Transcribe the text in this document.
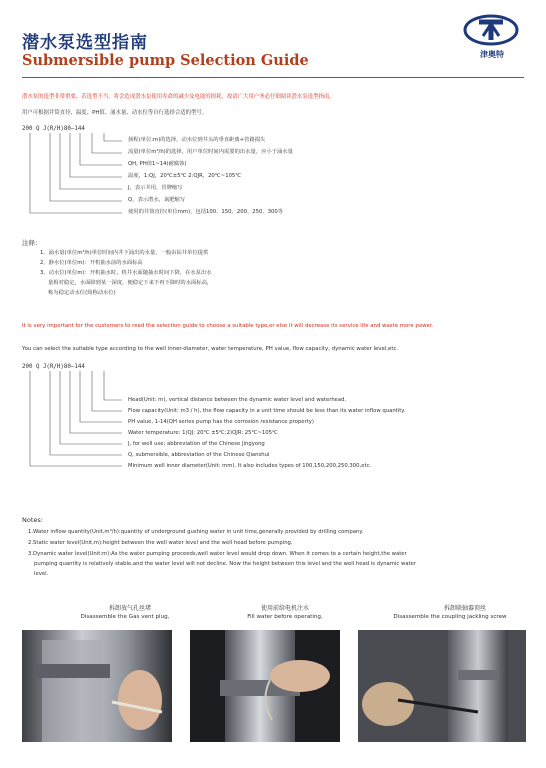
潜水泵选型指南
Submersible pump Selection Guide	津奥特
潜水泵的选型非常重要，若选型不当，将会造成潜水泵使用寿命的减少及电能的损耗，故请广大用户务必仔细阅读潜水泵选型指南。
用户可根据井筒直径、温度、PH值、涌水量、动水位等自行选择合适的型号。
200 Q J(R/H)80—144
扬程(单位:m)的选择，动水位到井头的垂直距离+管路损失
流量(单位m³/h)的选择，用户单位时间内需要的出水量，应小于涌水量
QH, PH值1~14(耐腐蚀)
温度，1:QJ，20℃±5℃ 2:QJR，20℃~105℃
J，表示井用，冒牌缩写
Q，表示潜水，氮肥缩写
使用的井筒直径(单位mm)，包括100、150、200、250、300等
注释：
1、涌水量(单位m³/h)单位时间内井下涌出的水量，一般由钻井单位提供
2、静水位(单位m)：开机抽水前的水面标高
3、动水位(单位m)：开机抽水时，机井水面随抽水时间下降，在水泵出水
量相对稳定，水面降到某一深度，便稳定下来不再下降时的水面标高，
称为稳定动水位(简称动水位)
It is very important for the customers to read the selection guide to choose a suitable type,or else it will decrease its service life and waste more power.
You can select the suitable type according to the well inner-diameter, water temperature, PH value, flow capacity, dynamic water level,etc.
200 Q J(R/H)80—144
Head(Unit: m), vertical distance between the dynamic water level and waterhead.
Flow capacity(Unit: m3 / h), the flow capacity in a unit time should be less than its water inflow quantity.
PH value, 1-14(QH series pump has the corrosion resistance property)
Water temperature: 1)QJ: 20℃ ±5℃;2)QJR: 25℃~105℃
J, for well use; abbreviation of the Chinese Jingyong
Q, submersible, abbreviation of the Chinese Qianshui
Minimum well inner diameter(Unit: mm). It also includes types of 100,150,200,250,300,etc.
Notes:
1.Water inflow quantity(Unit,m³/h):quantity of underground gushing water in unit time,generally provided by drilling company.
2.Static water level(Unit,m):height between the well water level and the well head before pumping.
3.Dynamic water level(Unit:m):As the water pumping proceeds,well water level would drop down. When it comes to a certain height,the water
pumping quantity is relatively stable,and the water level will not decline. Now the height between this level and the well head is dynamic water
level.
拆卸放气孔丝堵
Disassemble the Gas vent plug,
使用前给电机注水
Fill water before operating,
拆卸联轴器顶丝
Disassemble the coupling jackling screw
